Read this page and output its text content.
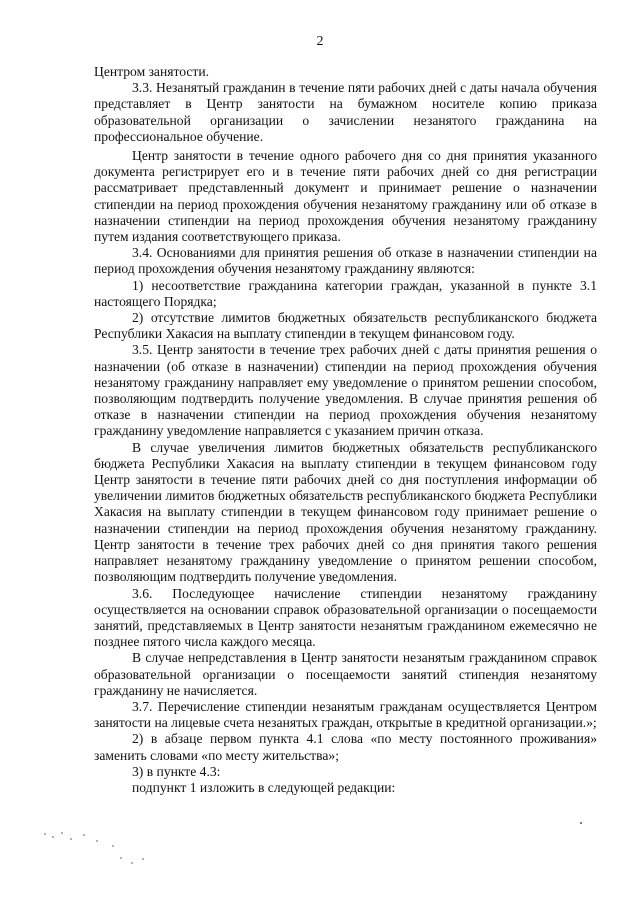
2

Центром занятости.

3.3. Незанятый гражданин в течение пяти рабочих дней с даты начала обучения представляет в Центр занятости на бумажном носителе копию приказа образовательной организации о зачислении незанятого гражданина на профессиональное обучение.

Центр занятости в течение одного рабочего дня со дня принятия указанного документа регистрирует его и в течение пяти рабочих дней со дня регистрации рассматривает представленный документ и принимает решение о назначении стипендии на период прохождения обучения незанятому гражданину или об отказе в назначении стипендии на период прохождения обучения незанятому гражданину путем издания соответствующего приказа.

3.4. Основаниями для принятия решения об отказе в назначении стипендии на период прохождения обучения незанятому гражданину являются:

1) несоответствие гражданина категории граждан, указанной в пункте 3.1 настоящего Порядка;

2) отсутствие лимитов бюджетных обязательств республиканского бюджета Республики Хакасия на выплату стипендии в текущем финансовом году.

3.5. Центр занятости в течение трех рабочих дней с даты принятия решения о назначении (об отказе в назначении) стипендии на период прохождения обучения незанятому гражданину направляет ему уведомление о принятом решении способом, позволяющим подтвердить получение уведомления. В случае принятия решения об отказе в назначении стипендии на период прохождения обучения незанятому гражданину уведомление направляется с указанием причин отказа.

В случае увеличения лимитов бюджетных обязательств республиканского бюджета Республики Хакасия на выплату стипендии в текущем финансовом году Центр занятости в течение пяти рабочих дней со дня поступления информации об увеличении лимитов бюджетных обязательств республиканского бюджета Республики Хакасия на выплату стипендии в текущем финансовом году принимает решение о назначении стипендии на период прохождения обучения незанятому гражданину. Центр занятости в течение трех рабочих дней со дня принятия такого решения направляет незанятому гражданину уведомление о принятом решении способом, позволяющим подтвердить получение уведомления.

3.6. Последующее начисление стипендии незанятому гражданину осуществляется на основании справок образовательной организации о посещаемости занятий, представляемых в Центр занятости незанятым гражданином ежемесячно не позднее пятого числа каждого месяца.

В случае непредставления в Центр занятости незанятым гражданином справок образовательной организации о посещаемости занятий стипендия незанятому гражданину не начисляется.

3.7. Перечисление стипендии незанятым гражданам осуществляется Центром занятости на лицевые счета незанятых граждан, открытые в кредитной организации.»;

2) в абзаце первом пункта 4.1 слова «по месту постоянного проживания» заменить словами «по месту жительства»;

3) в пункте 4.3:

подпункт 1 изложить в следующей редакции:
